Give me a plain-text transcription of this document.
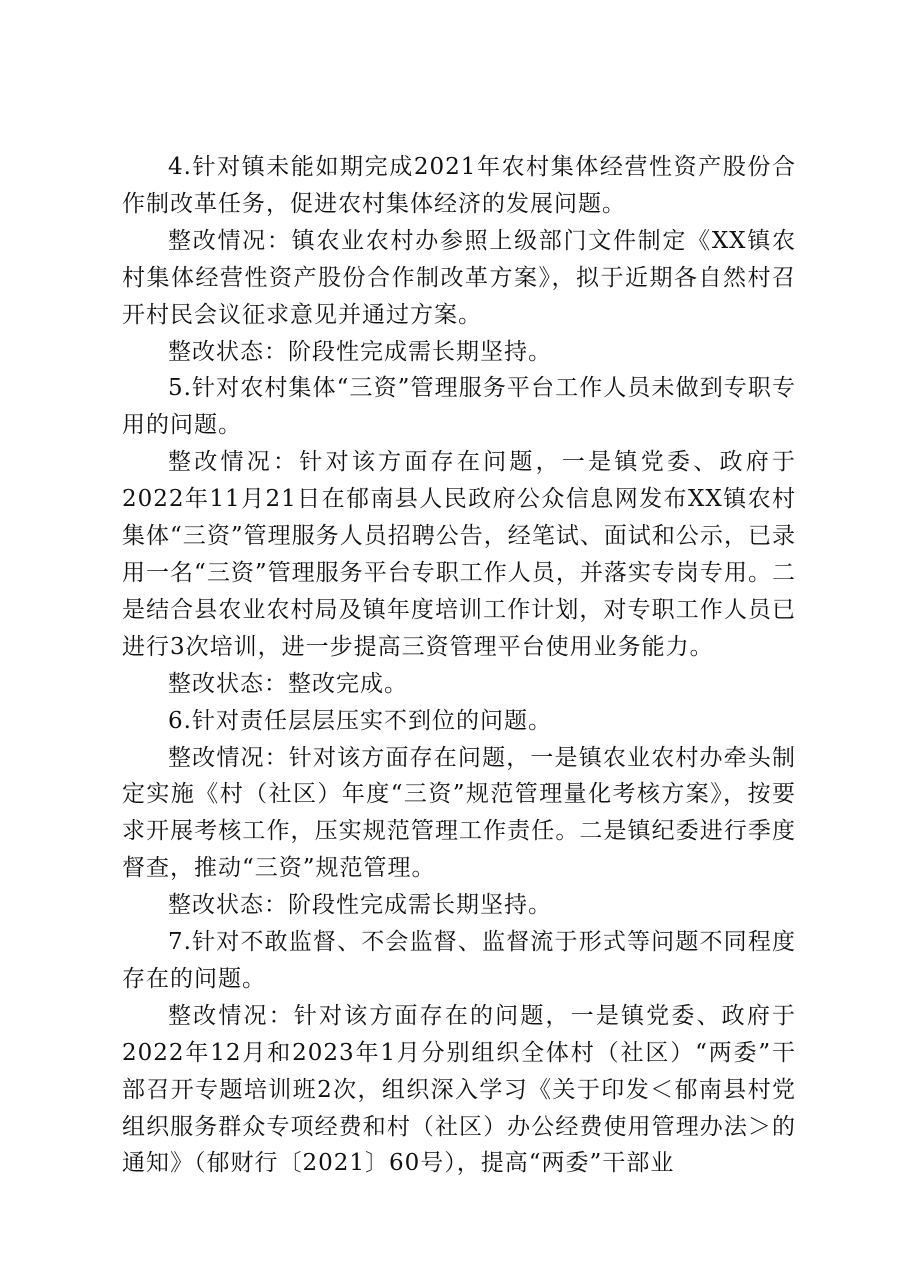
4.针对镇未能如期完成2021年农村集体经营性资产股份合作制改革任务，促进农村集体经济的发展问题。

整改情况：镇农业农村办参照上级部门文件制定《XX镇农村集体经营性资产股份合作制改革方案》，拟于近期各自然村召开村民会议征求意见并通过方案。

整改状态：阶段性完成需长期坚持。

5.针对农村集体“三资”管理服务平台工作人员未做到专职专用的问题。

整改情况：针对该方面存在问题，一是镇党委、政府于2022年11月21日在郁南县人民政府公众信息网发布XX镇农村集体“三资”管理服务人员招聘公告，经笔试、面试和公示，已录用一名“三资”管理服务平台专职工作人员，并落实专岗专用。二是结合县农业农村局及镇年度培训工作计划，对专职工作人员已进行3次培训，进一步提高三资管理平台使用业务能力。

整改状态：整改完成。

6.针对责任层层压实不到位的问题。

整改情况：针对该方面存在问题，一是镇农业农村办牵头制定实施《村（社区）年度“三资”规范管理量化考核方案》，按要求开展考核工作，压实规范管理工作责任。二是镇纪委进行季度督查，推动“三资”规范管理。

整改状态：阶段性完成需长期坚持。

7.针对不敢监督、不会监督、监督流于形式等问题不同程度存在的问题。

整改情况：针对该方面存在的问题，一是镇党委、政府于2022年12月和2023年1月分别组织全体村（社区）“两委”干部召开专题培训班2次，组织深入学习《关于印发＜郁南县村党组织服务群众专项经费和村（社区）办公经费使用管理办法＞的通知》（郁财行〔2021〕60号），提高“两委”干部业
